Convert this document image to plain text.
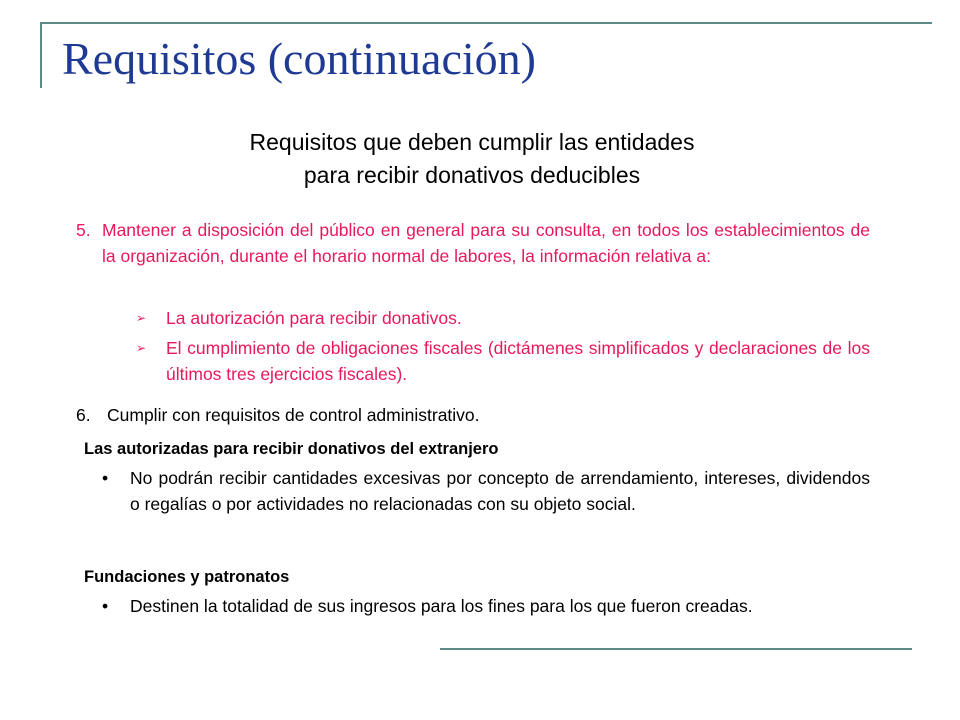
Requisitos (continuación)
Requisitos que deben cumplir las entidades
para recibir donativos deducibles
5. Mantener a disposición del público en general para su consulta, en todos los establecimientos de la organización, durante el horario normal de labores, la información relativa a:
➢ La autorización para recibir donativos.
➢ El cumplimiento de obligaciones fiscales (dictámenes simplificados y declaraciones de los últimos tres ejercicios fiscales).
6. Cumplir con requisitos de control administrativo.
Las autorizadas para recibir donativos del extranjero
• No podrán recibir cantidades excesivas por concepto de arrendamiento, intereses, dividendos o regalías o por actividades no relacionadas con su objeto social.
Fundaciones y patronatos
• Destinen la totalidad de sus ingresos para los fines para los que fueron creadas.
